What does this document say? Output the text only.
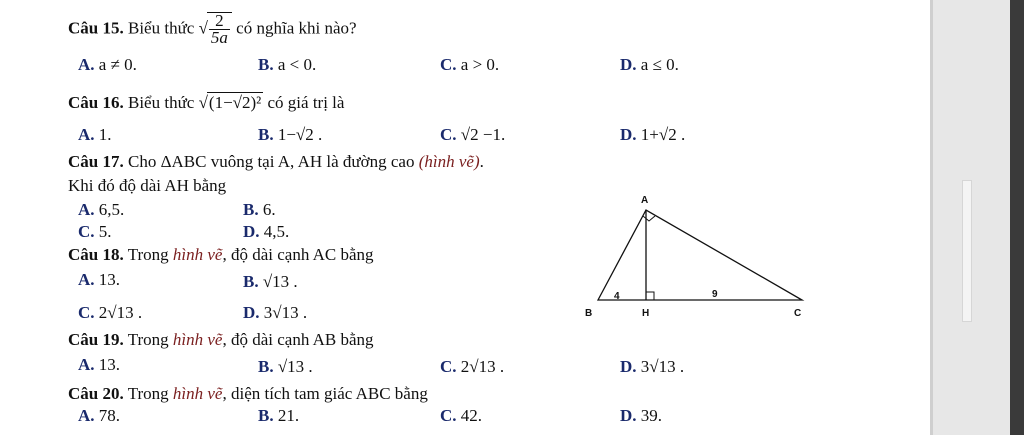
Câu 15. Biểu thức √ $\frac{2}{5a}$ có nghĩa khi nào?
A. a ≠ 0.	B. a < 0.	C. a > 0.	D. a ≤ 0.
Câu 16. Biểu thức √(1−√2)² có giá trị là
A. 1.	B. 1−√2 .	C. √2 −1.	D. 1+√2 .
Câu 17. Cho ΔABC vuông tại A, AH là đường cao (hình vẽ).
Khi đó độ dài AH bằng
A. 6,5.	B. 6.
C. 5.	D. 4,5.
Câu 18. Trong hình vẽ, độ dài cạnh AC bằng
A. 13.	B. √13 .
C. 2√13 .	D. 3√13 .
Câu 19. Trong hình vẽ, độ dài cạnh AB bằng
A. 13.	B. √13 .	C. 2√13 .	D. 3√13 .
Câu 20. Trong hình vẽ, diện tích tam giác ABC bằng
A. 78.	B. 21.	C. 42.	D. 39.
A
B	H	C
4	9
